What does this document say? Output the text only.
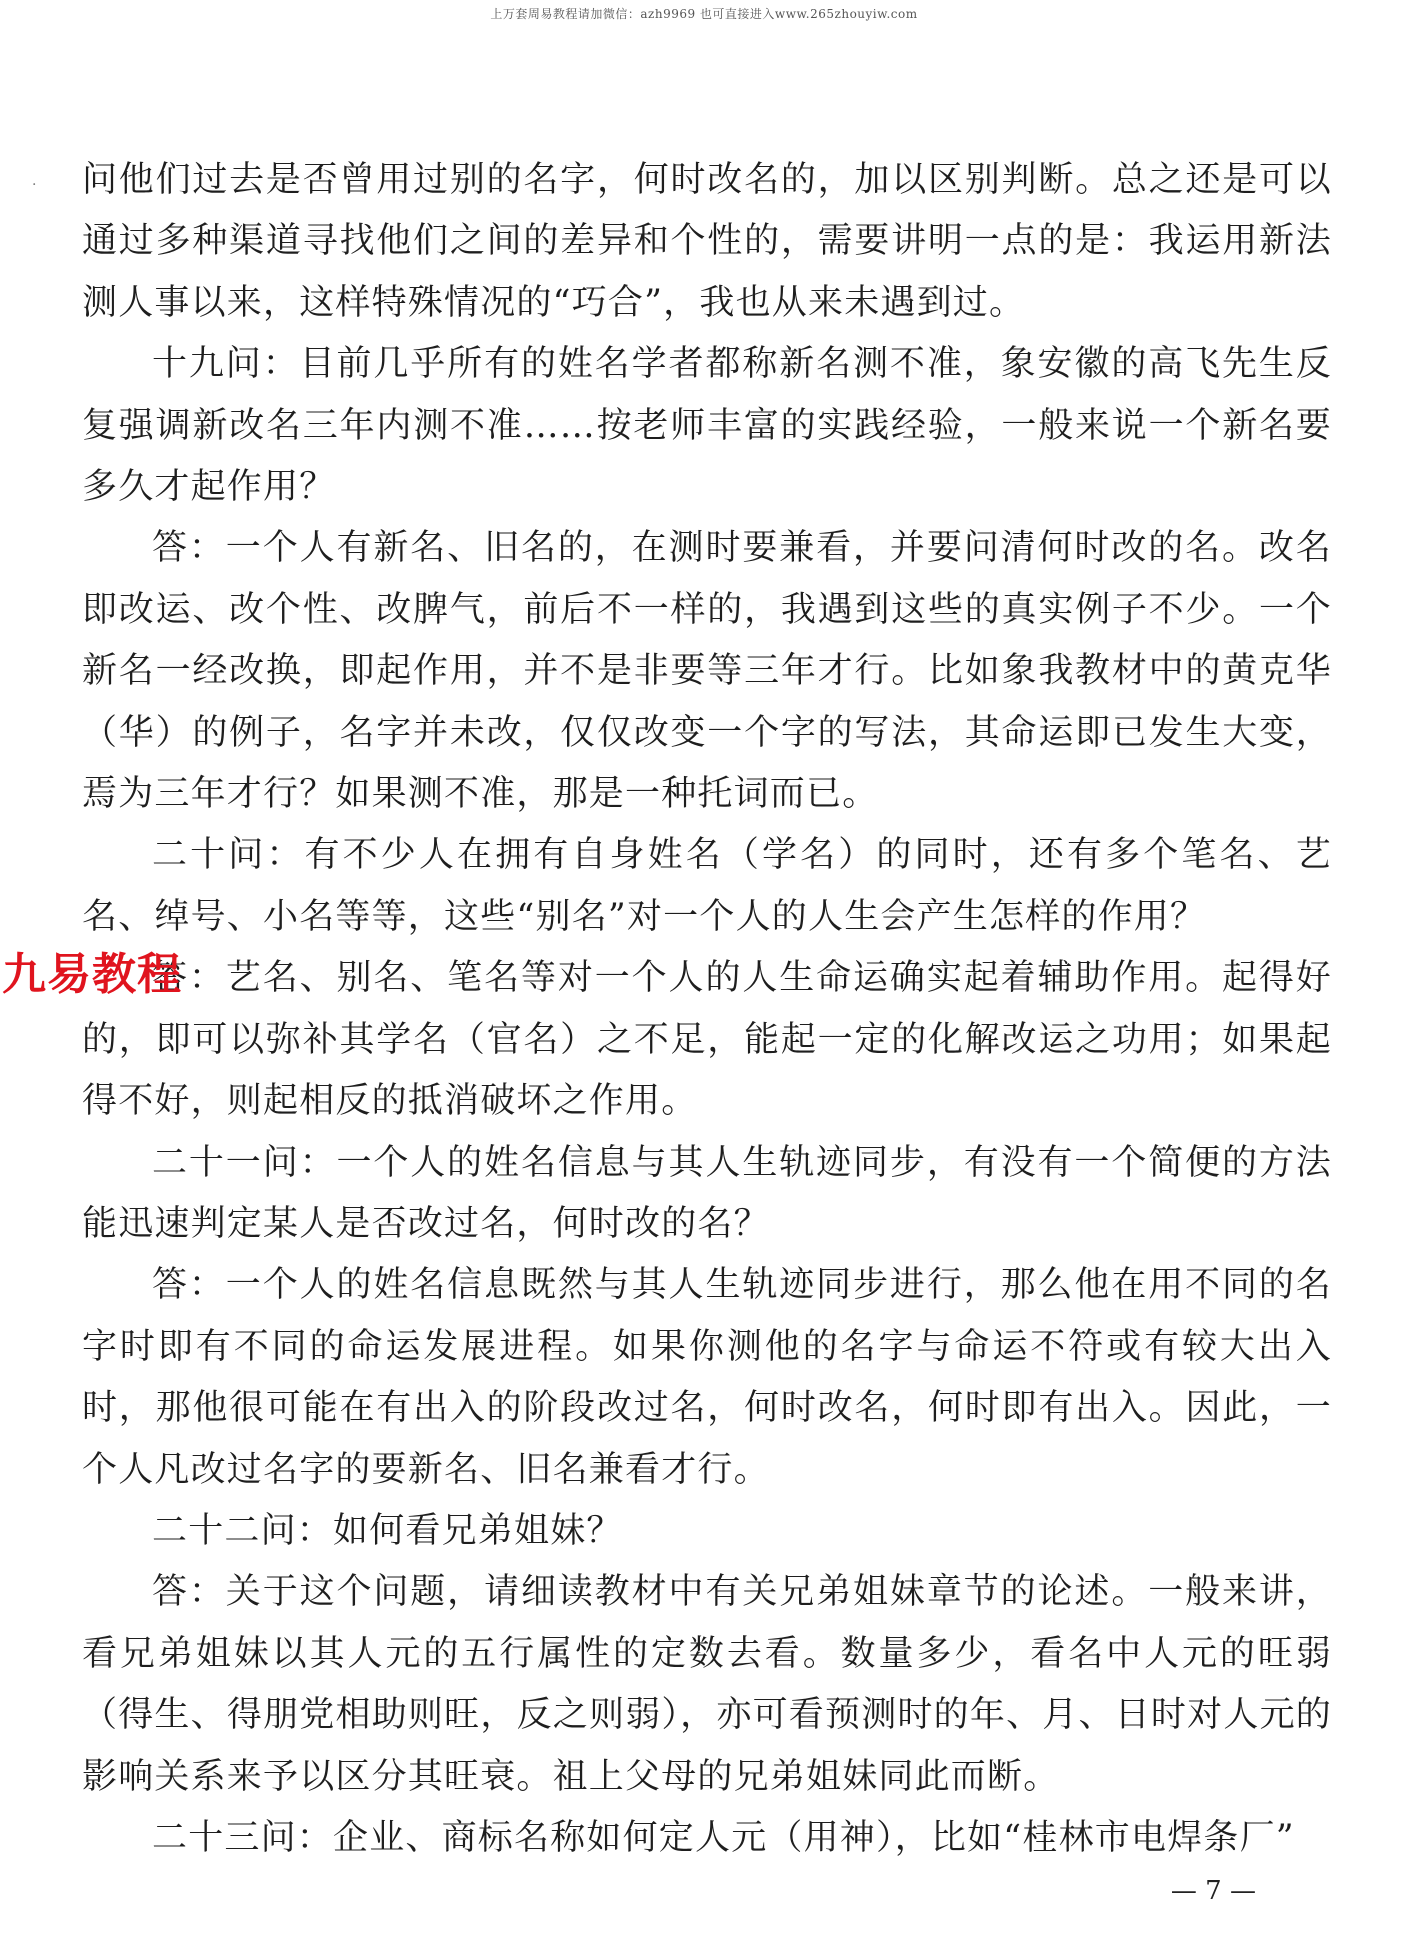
上万套周易教程请加微信：azh9969 也可直接进入www.265zhouyiw.com
· 问他们过去是否曾用过别的名字，何时改名的，加以区别判断。总之还是可以通过多种渠道寻找他们之间的差异和个性的，需要讲明一点的是：我运用新法测人事以来，这样特殊情况的“巧合”，我也从来未遇到过。

十九问：目前几乎所有的姓名学者都称新名测不准，象安徽的高飞先生反复强调新改名三年内测不准……按老师丰富的实践经验，一般来说一个新名要多久才起作用？

答：一个人有新名、旧名的，在测时要兼看，并要问清何时改的名。改名即改运、改个性、改脾气，前后不一样的，我遇到这些的真实例子不少。一个新名一经改换，即起作用，并不是非要等三年才行。比如象我教材中的黄克华（华）的例子，名字并未改，仅仅改变一个字的写法，其命运即已发生大变，焉为三年才行？如果测不准，那是一种托词而已。

二十问：有不少人在拥有自身姓名（学名）的同时，还有多个笔名、艺名、绰号、小名等等，这些“别名”对一个人的人生会产生怎样的作用？

答：艺名、别名、笔名等对一个人的人生命运确实起着辅助作用。起得好的，即可以弥补其学名（官名）之不足，能起一定的化解改运之功用；如果起得不好，则起相反的抵消破坏之作用。

二十一问：一个人的姓名信息与其人生轨迹同步，有没有一个简便的方法能迅速判定某人是否改过名，何时改的名？

答：一个人的姓名信息既然与其人生轨迹同步进行，那么他在用不同的名字时即有不同的命运发展进程。如果你测他的名字与命运不符或有较大出入时，那他很可能在有出入的阶段改过名，何时改名，何时即有出入。因此，一个人凡改过名字的要新名、旧名兼看才行。

二十二问：如何看兄弟姐妹？

答：关于这个问题，请细读教材中有关兄弟姐妹章节的论述。一般来讲，看兄弟姐妹以其人元的五行属性的定数去看。数量多少，看名中人元的旺弱（得生、得朋党相助则旺，反之则弱），亦可看预测时的年、月、日时对人元的影响关系来予以区分其旺衰。祖上父母的兄弟姐妹同此而断。

二十三问：企业、商标名称如何定人元（用神），比如“桂林市电焊条厂”

九易教程
— 7 —
